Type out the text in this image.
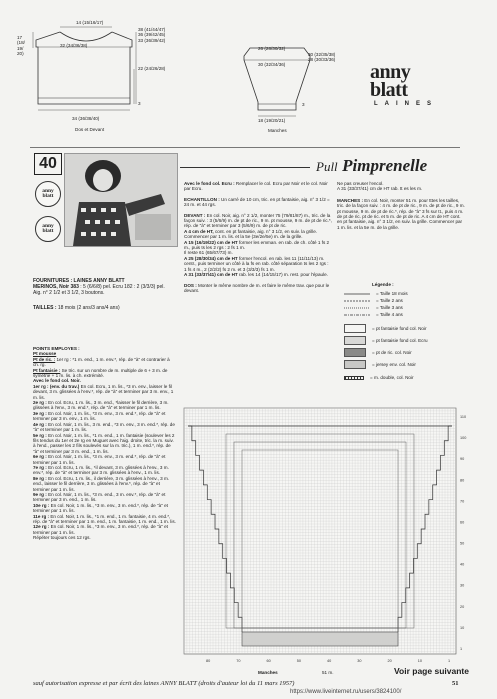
14 (15/16/17)
17
(18/
19/
20)
32 (34/36/38)
38 (41/44/47)
36 (39/42/45)
33 (36/39/42)
22 (24/26/28)
3
34 (36/38/40)
Dos et Devant
26 (28/30/32)
30 (32/34/36)
30 (32/35/38)
28 (30/33/36)
3
18 (19/20/21)
Manches
anny blatt
LAINES
40	Pull Pimprenelle
anny blatt
anny blatt

FOURNITURES : LAINES ANNY BLATT

MERINOS, Noir 383 : 5 (6/6/8) pel. Ecru 182 : 2 (3/3/3) pel.

Aig. n° 2 1/2 et 3 1/2, 3 boutons.

TAILLES : 18 mois (2 ans/3 ans/4 ans)

POINTS EMPLOYES :

Pt mousse

Pt de ric. : 1er rg : *1 m. end., 1 m. env.*, rép. de "à" et contrarier à ch. rg.

Pt fantaisie : Se tric. sur un nombre de m. multiple de 6 + 3 m. de symétrie + 1 m. lis. à ch. extrémité.

Avec le fond col. Noir.

1er rg : (env. du trav.) En col. Ecru, 1 m. lis., *3 m. env., laisser le fil devant, 3 m. glissées à l'env.*, rép. de "à" et terminer par 3 m. env., 1 m. lis.

2e rg : En col. Ecru, 1 m. lis., 3 m. end., *laisser le fil derrière, 3 m. glissées à l'env., 3 m. end.*, rép. de "à" et terminer par 1 m. lis.

3e rg : En col. Noir, 1 m. lis., *3 m. env., 3 m. end.*, rép. de "à" et terminer par 3 m. env., 1 m. lis.

4e rg : En col. Noir, 1 m. lis., 3 m. end., *3 m. env., 3 m. end.*, rép. de "à" et terminer par 1 m. lis.

5e rg : En col. Noir, 1 m. lis., *1 m. end., 1 m. fantaisie (soulever les 2 fils tendus du 1er et 2e rg en Muguet avec l'aig. droite, tric. la m. suiv. à l'end., passer les 2 fils soulevés sur la m. tric.), 1 m. end.*, rép. de "à" et terminer par 3 m. end., 1 m. lis.

6e rg : En col. Noir, 1 m. lis., *3 m. env., 3 m. end.*, rép. de "à" et terminer par 1 m. lis.

7e rg : En col. Ecru, 1 m. lis., *il devant, 3 m. glissées à l'env., 3 m. env.*, rép. de "à" et terminer par 3 m. glissées à l'env., 1 m. lis.

8e rg : En col. Ecru, 1 m. lis., il derrière, 3 m. glissées à l'env., 3 m. end., laisser le fil derrière, 3 m. glissées à l'env.*, rép. de "à" et terminer par 1 m. lis.

9e rg : En col. Noir, 1 m. lis., *3 m. end., 3 m. env.*, rép. de "à" et terminer par 3 m. end., 1 m. lis.

10e rg : En col. Noir, 1 m. lis., *3 m. env., 3 m. end.*, rép. de "à" et terminer par 1 m. lis.

11e rg : En col. Noir, 1 m. lis., *1 m. end., 1 m. fantaisie, 4 m. end.*, rép. de "à" et terminer par 1 m. end., 1 m. fantaisie, 1 m. end., 1 m. lis.

12e rg : En col. Noir, 1 m. lis., *3 m. env., 3 m. end.*, rép. de "à" et terminer par 1 m. lis.

Répéter toujours ces 12 rgs.

Avec le fond col. Ecru : Remplacer le col. Ecru par Noir et le col. Noir par Ecru.

ECHANTILLON : Un carré de 10 cm, tric. en pt fantaisie, aig. n° 3 1/2 = 24 m. et 44 rgs.

DEVANT : En col. Noir, aig. n° 2 1/2, monter 75 (79/81/87) m., tric. de la façon suiv. : 3 (5/6/9) m. de pt de ric., 9 m. pt mousse, 9 m. de pt de ric.*, rép. de "à" et terminer par 3 (5/6/9) m. de pt de ric.

A 4 cm de HT, cont. en pt fantaisie, aig. n° 3 1/2, en suiv. la grille. Commencer par 1 m. lis. et la 5e (3e/2e/5e) m. de la grille.

A 15 (16/19/22) cm de HT former les emman. en rab. de ch. côté 1 fs 2 m., puis ts les 2 rgs : 2 fs 1 m.

Il reste 61 (65/67/73) m.

A 25 (28/30/34) cm de HT former l'encol. en rab. les 11 (11/11/13) m. centr., puis terminer un côté à la fs en rab. côté séparation ts les 2 rgs : 1 fs 4 m., 2 (2/2/2) fs 2 m. et 3 (3/3/3) fs 1 m.

A 31 (33/37/41) cm de HT rab. les 14 (14/15/17) m. rest. pour l'épaule.

DOS : Monter le même nombre de m. et faire le même trav. que pour le devant.

Ne pas creuser l'encol.

A 31 (33/37/41) cm de HT rab. tt es les m.

MANCHES : En col. Noir, monter 51 m. pour tttes les tailles, tric. de la façon suiv. : 4 m. de pt de ric., 9 m. de pt de ric., 9 m. pt mousse, 9 m. de pt de ric.*, rép. de "à" 3 fs sur tt., puis 4 m. de pt de ric. pt de ric. et 5 m. de pt de ric. A 4 cm de HT cont. en pt fantaisie, aig. n° 3 1/2, en suiv. la grille. Commencer par 1 m. lis. et la 5e m. de la grille.

Légende :
= Taille 18 mois
= Taille 2 ans
= Taille 3 ans
= Taille 4 ans
= pt fantaisie fond col. Noir
= pt fantaisie fond col. Ecru
= pt de ric. col. Noir
= jersey env. col. Noir
= m. double, col. Noir
110
100
90
80
70
60
50
40
30
20
10
1
80	70	60	50	40	30	20	10	1
Manches	51 m.	Voir page suivante
sauf autorisation expresse et par écrit des laines ANNY BLATT (droits d'auteur loi du 11 mars 1957)	51
https://www.liveinternet.ru/users/3824100/
